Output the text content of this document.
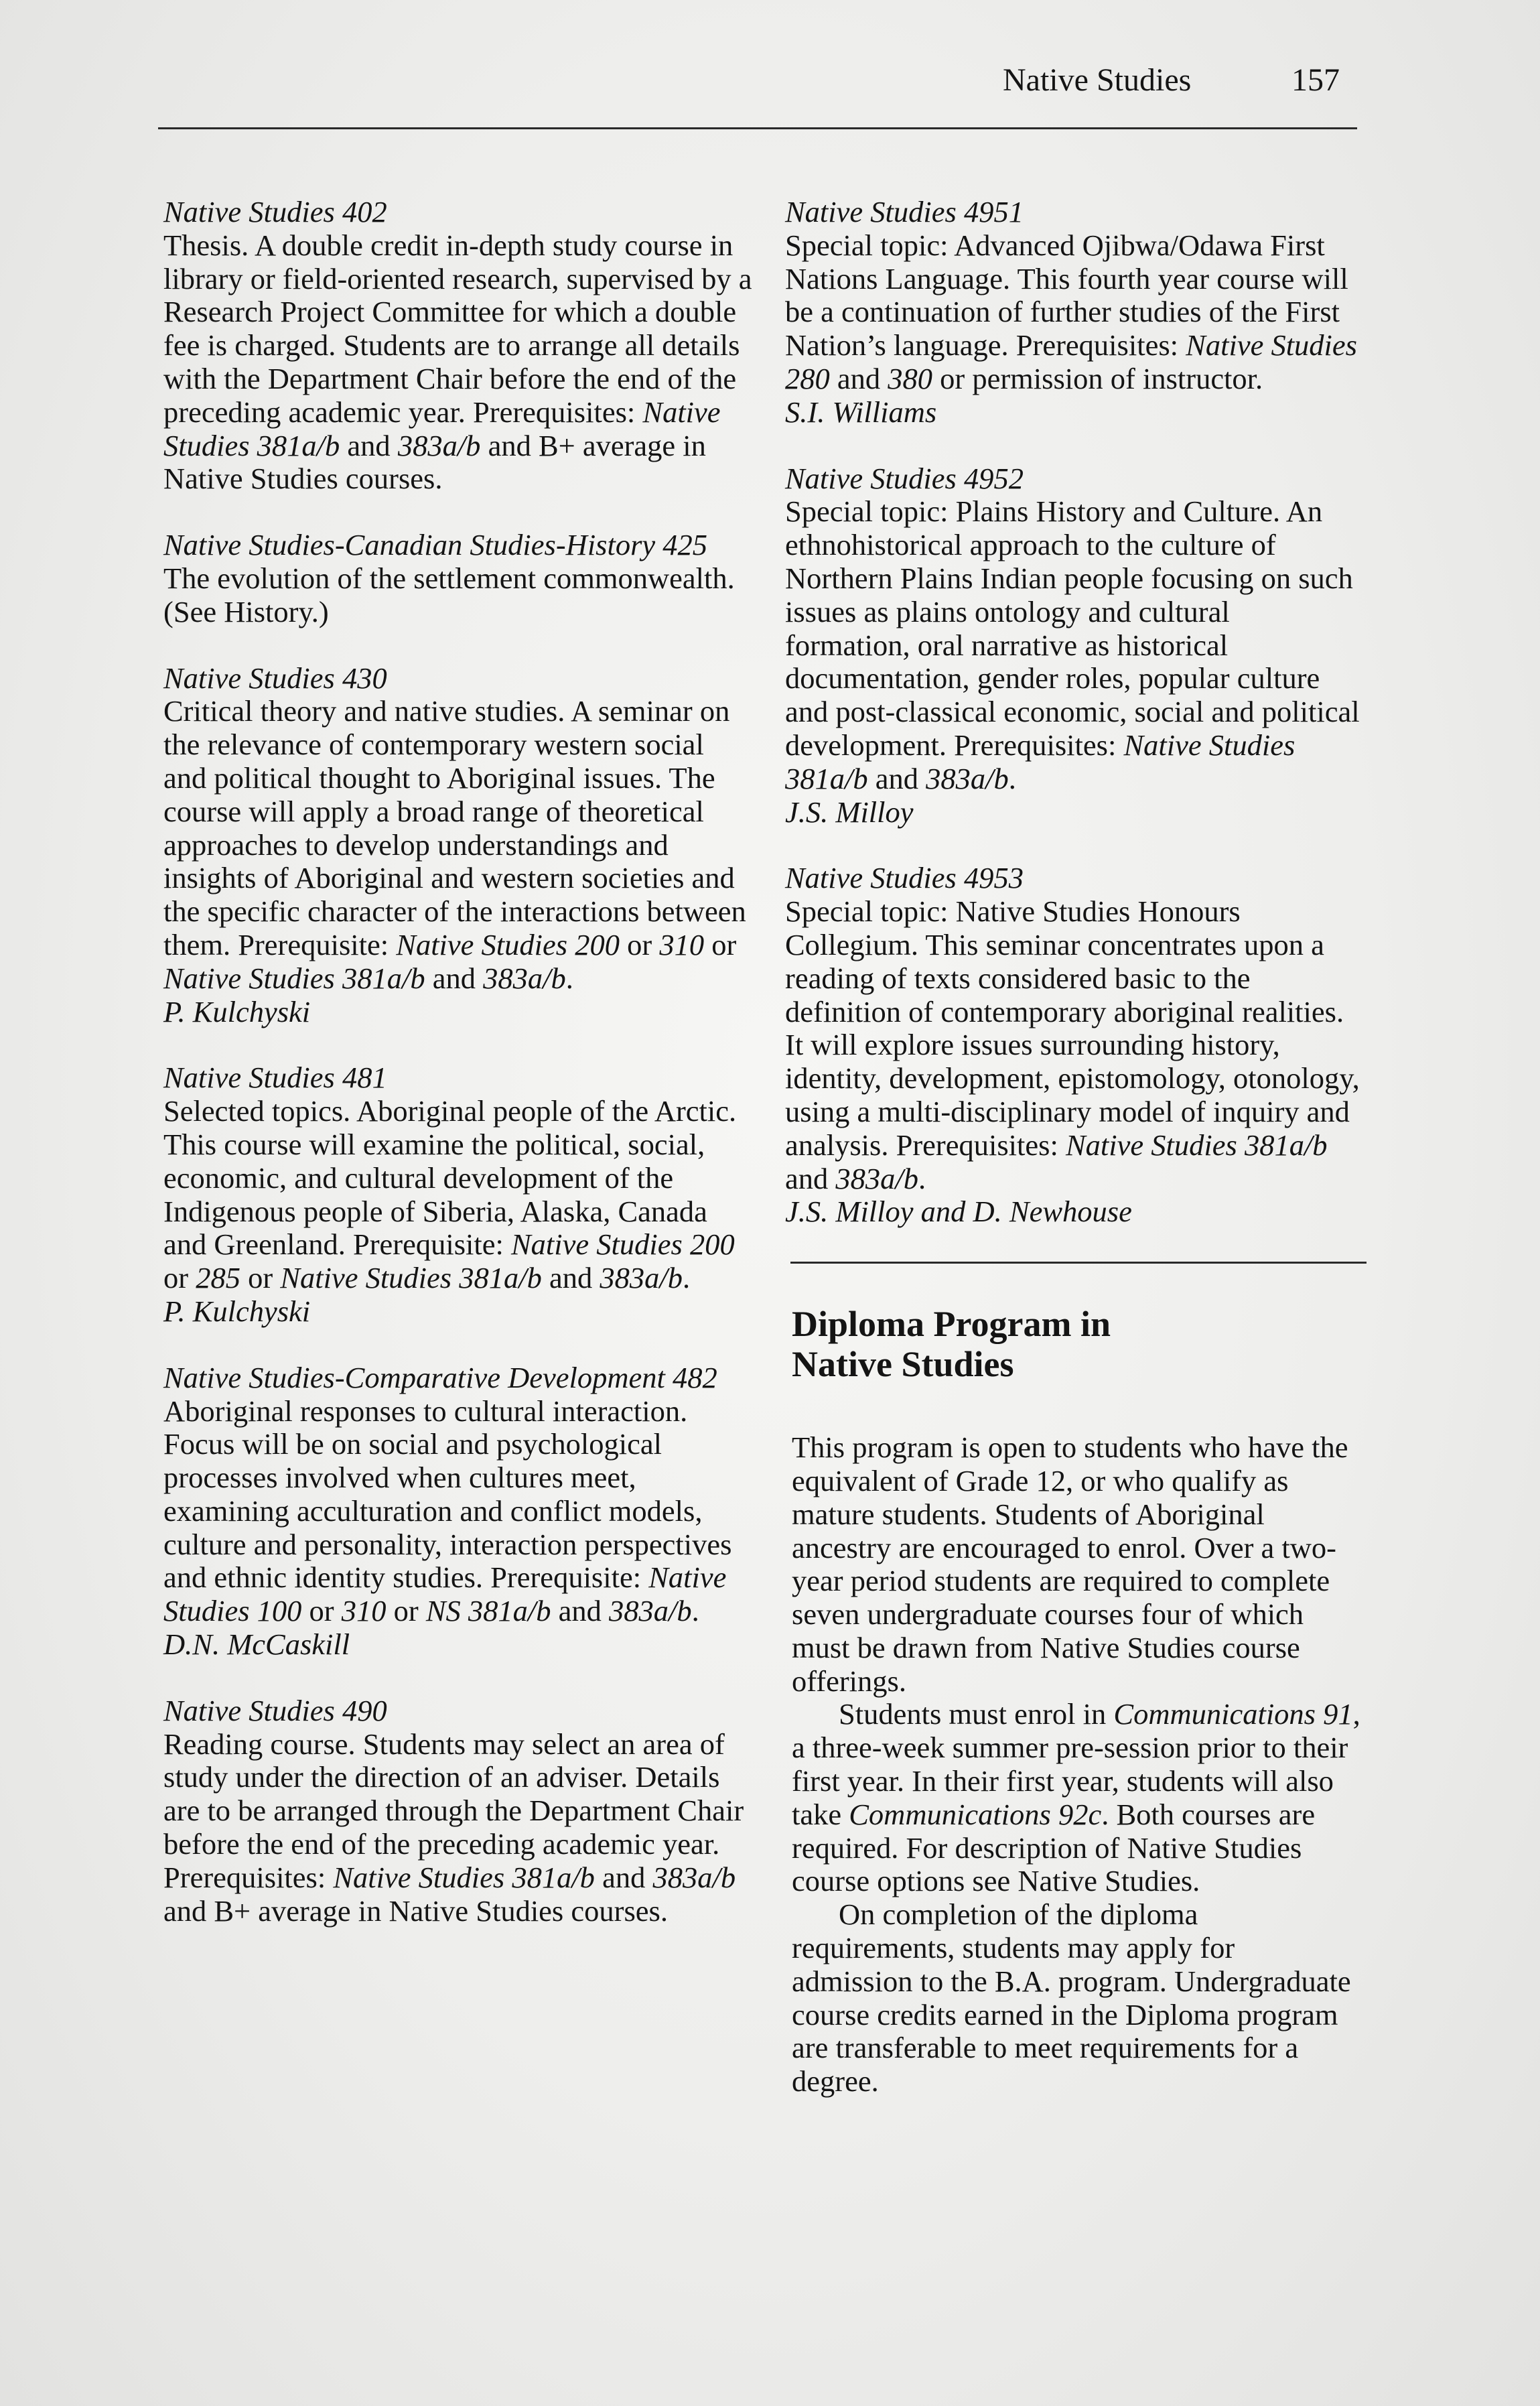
Native Studies	157
Native Studies 402
Thesis. A double credit in-depth study course in library or field-oriented research, supervised by a Research Project Committee for which a double fee is charged. Students are to arrange all details with the Department Chair before the end of the preceding academic year. Prerequisites: Native Studies 381a/b and 383a/b and B+ average in Native Studies courses.
Native Studies-Canadian Studies-History 425
The evolution of the settlement commonwealth. (See History.)
Native Studies 430
Critical theory and native studies. A seminar on the relevance of contemporary western social and political thought to Aboriginal issues. The course will apply a broad range of theoretical approaches to develop understandings and insights of Aboriginal and western societies and the specific character of the interactions between them. Prerequisite: Native Studies 200 or 310 or Native Studies 381a/b and 383a/b.
P. Kulchyski
Native Studies 481
Selected topics. Aboriginal people of the Arctic. This course will examine the political, social, economic, and cultural development of the Indigenous people of Siberia, Alaska, Canada and Greenland. Prerequisite: Native Studies 200 or 285 or Native Studies 381a/b and 383a/b.
P. Kulchyski
Native Studies-Comparative Development 482
Aboriginal responses to cultural interaction. Focus will be on social and psychological processes involved when cultures meet, examining acculturation and conflict models, culture and personality, interaction perspectives and ethnic identity studies. Prerequisite: Native Studies 100 or 310 or NS 381a/b and 383a/b.
D.N. McCaskill
Native Studies 490
Reading course. Students may select an area of study under the direction of an adviser. Details are to be arranged through the Department Chair before the end of the preceding academic year. Prerequisites: Native Studies 381a/b and 383a/b and B+ average in Native Studies courses.
Native Studies 4951
Special topic: Advanced Ojibwa/Odawa First Nations Language. This fourth year course will be a continuation of further studies of the First Nation’s language. Prerequisites: Native Studies 280 and 380 or permission of instructor.
S.I. Williams
Native Studies 4952
Special topic: Plains History and Culture. An ethnohistorical approach to the culture of Northern Plains Indian people focusing on such issues as plains ontology and cultural formation, oral narrative as historical documentation, gender roles, popular culture and post-classical economic, social and political development. Prerequisites: Native Studies 381a/b and 383a/b.
J.S. Milloy
Native Studies 4953
Special topic: Native Studies Honours Collegium. This seminar concentrates upon a reading of texts considered basic to the definition of contemporary aboriginal realities. It will explore issues surrounding history, identity, development, epistomology, otonology, using a multi-disciplinary model of inquiry and analysis. Prerequisites: Native Studies 381a/b and 383a/b.
J.S. Milloy and D. Newhouse
Diploma Program in Native Studies
This program is open to students who have the equivalent of Grade 12, or who qualify as mature students. Students of Aboriginal ancestry are encouraged to enrol. Over a two-year period students are required to complete seven undergraduate courses four of which must be drawn from Native Studies course offerings.
Students must enrol in Communications 91, a three-week summer pre-session prior to their first year. In their first year, students will also take Communications 92c. Both courses are required. For description of Native Studies course options see Native Studies.
On completion of the diploma requirements, students may apply for admission to the B.A. program. Undergraduate course credits earned in the Diploma program are transferable to meet requirements for a degree.
